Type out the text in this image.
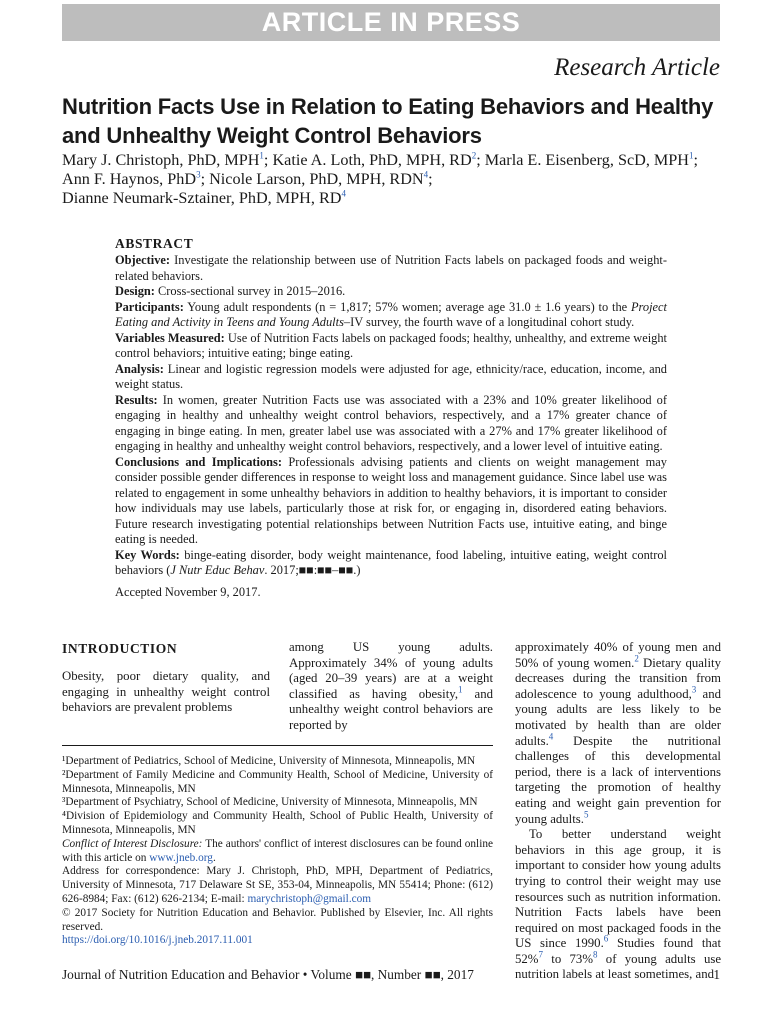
ARTICLE IN PRESS
Research Article
Nutrition Facts Use in Relation to Eating Behaviors and Healthy and Unhealthy Weight Control Behaviors
Mary J. Christoph, PhD, MPH$^1$; Katie A. Loth, PhD, MPH, RD$^2$; Marla E. Eisenberg, ScD, MPH$^1$; Ann F. Haynos, PhD$^3$; Nicole Larson, PhD, MPH, RDN$^4$;
Dianne Neumark-Sztainer, PhD, MPH, RD$^4$
ABSTRACT

Objective: Investigate the relationship between use of Nutrition Facts labels on packaged foods and weight-related behaviors.

Design: Cross-sectional survey in 2015–2016.

Participants: Young adult respondents (n = 1,817; 57% women; average age 31.0 ± 1.6 years) to the Project Eating and Activity in Teens and Young Adults–IV survey, the fourth wave of a longitudinal cohort study.

Variables Measured: Use of Nutrition Facts labels on packaged foods; healthy, unhealthy, and extreme weight control behaviors; intuitive eating; binge eating.

Analysis: Linear and logistic regression models were adjusted for age, ethnicity/race, education, income, and weight status.

Results: In women, greater Nutrition Facts use was associated with a 23% and 10% greater likelihood of engaging in healthy and unhealthy weight control behaviors, respectively, and a 17% greater chance of engaging in binge eating. In men, greater label use was associated with a 27% and 17% greater likelihood of engaging in healthy and unhealthy weight control behaviors, respectively, and a lower level of intuitive eating.

Conclusions and Implications: Professionals advising patients and clients on weight management may consider possible gender differences in response to weight loss and management guidance. Since label use was related to engagement in some unhealthy behaviors in addition to healthy behaviors, it is important to consider how individuals may use labels, particularly those at risk for, or engaging in, disordered eating behaviors. Future research investigating potential relationships between Nutrition Facts use, intuitive eating, and binge eating is needed.

Key Words: binge-eating disorder, body weight maintenance, food labeling, intuitive eating, weight control behaviors (J Nutr Educ Behav. 2017;■■:■■–■■.)

Accepted November 9, 2017.

INTRODUCTION

Obesity, poor dietary quality, and engaging in unhealthy weight control behaviors are prevalent problems

among US young adults. Approximately 34% of young adults (aged 20–39 years) are at a weight classified as having obesity,$^1$ and unhealthy weight control behaviors are reported by

approximately 40% of young men and 50% of young women.$^2$ Dietary quality decreases during the transition from adolescence to young adulthood,$^3$ and young adults are less likely to be motivated by health than are older adults.$^4$ Despite the nutritional challenges of this developmental period, there is a lack of interventions targeting the promotion of healthy eating and weight gain prevention for young adults.$^5$

To better understand weight behaviors in this age group, it is important to consider how young adults trying to control their weight may use resources such as nutrition information. Nutrition Facts labels have been required on most packaged foods in the US since 1990.$^6$ Studies found that 52%$^7$ to 73%$^8$ of young adults use nutrition labels at least sometimes, and

¹Department of Pediatrics, School of Medicine, University of Minnesota, Minneapolis, MN

²Department of Family Medicine and Community Health, School of Medicine, University of Minnesota, Minneapolis, MN

³Department of Psychiatry, School of Medicine, University of Minnesota, Minneapolis, MN

⁴Division of Epidemiology and Community Health, School of Public Health, University of Minnesota, Minneapolis, MN

Conflict of Interest Disclosure: The authors' conflict of interest disclosures can be found online with this article on www.jneb.org.

Address for correspondence: Mary J. Christoph, PhD, MPH, Department of Pediatrics, University of Minnesota, 717 Delaware St SE, 353-04, Minneapolis, MN 55414; Phone: (612) 626-8984; Fax: (612) 626-2134; E-mail: marychristoph@gmail.com

© 2017 Society for Nutrition Education and Behavior. Published by Elsevier, Inc. All rights reserved.

https://doi.org/10.1016/j.jneb.2017.11.001

Journal of Nutrition Education and Behavior • Volume ■■, Number ■■, 2017	1
